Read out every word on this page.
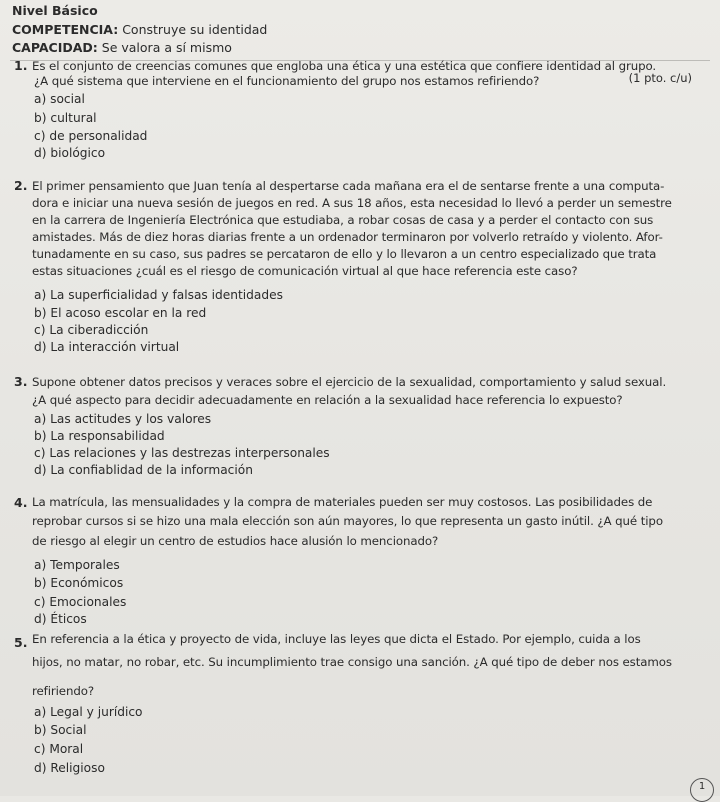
Nivel Básico
COMPETENCIA: Construye su identidad
CAPACIDAD: Se valora a sí mismo
(1 pto. c/u)
1. Es el conjunto de creencias comunes que engloba una ética y una estética que confiere identidad al grupo.
¿A qué sistema que interviene en el funcionamiento del grupo nos estamos refiriendo?
a) social
b) cultural
c) de personalidad
d) biológico
2. El primer pensamiento que Juan tenía al despertarse cada mañana era el de sentarse frente a una computa-
dora e iniciar una nueva sesión de juegos en red. A sus 18 años, esta necesidad lo llevó a perder un semestre
en la carrera de Ingeniería Electrónica que estudiaba, a robar cosas de casa y a perder el contacto con sus
amistades. Más de diez horas diarias frente a un ordenador terminaron por volverlo retraído y violento. Afor-
tunadamente en su caso, sus padres se percataron de ello y lo llevaron a un centro especializado que trata
estas situaciones ¿cuál es el riesgo de comunicación virtual al que hace referencia este caso?
a) La superficialidad y falsas identidades
b) El acoso escolar en la red
c) La ciberadicción
d) La interacción virtual
3. Supone obtener datos precisos y veraces sobre el ejercicio de la sexualidad, comportamiento y salud sexual.
¿A qué aspecto para decidir adecuadamente en relación a la sexualidad hace referencia lo expuesto?
a) Las actitudes y los valores
b) La responsabilidad
c) Las relaciones y las destrezas interpersonales
d) La confiablidad de la información
4. La matrícula, las mensualidades y la compra de materiales pueden ser muy costosos. Las posibilidades de
reprobar cursos si se hizo una mala elección son aún mayores, lo que representa un gasto inútil. ¿A qué tipo
de riesgo al elegir un centro de estudios hace alusión lo mencionado?
a) Temporales
b) Económicos
c) Emocionales
d) Éticos
5. En referencia a la ética y proyecto de vida, incluye las leyes que dicta el Estado. Por ejemplo, cuida a los
hijos, no matar, no robar, etc. Su incumplimiento trae consigo una sanción. ¿A qué tipo de deber nos estamos
refiriendo?
a) Legal y jurídico
b) Social
c) Moral
d) Religioso
1
